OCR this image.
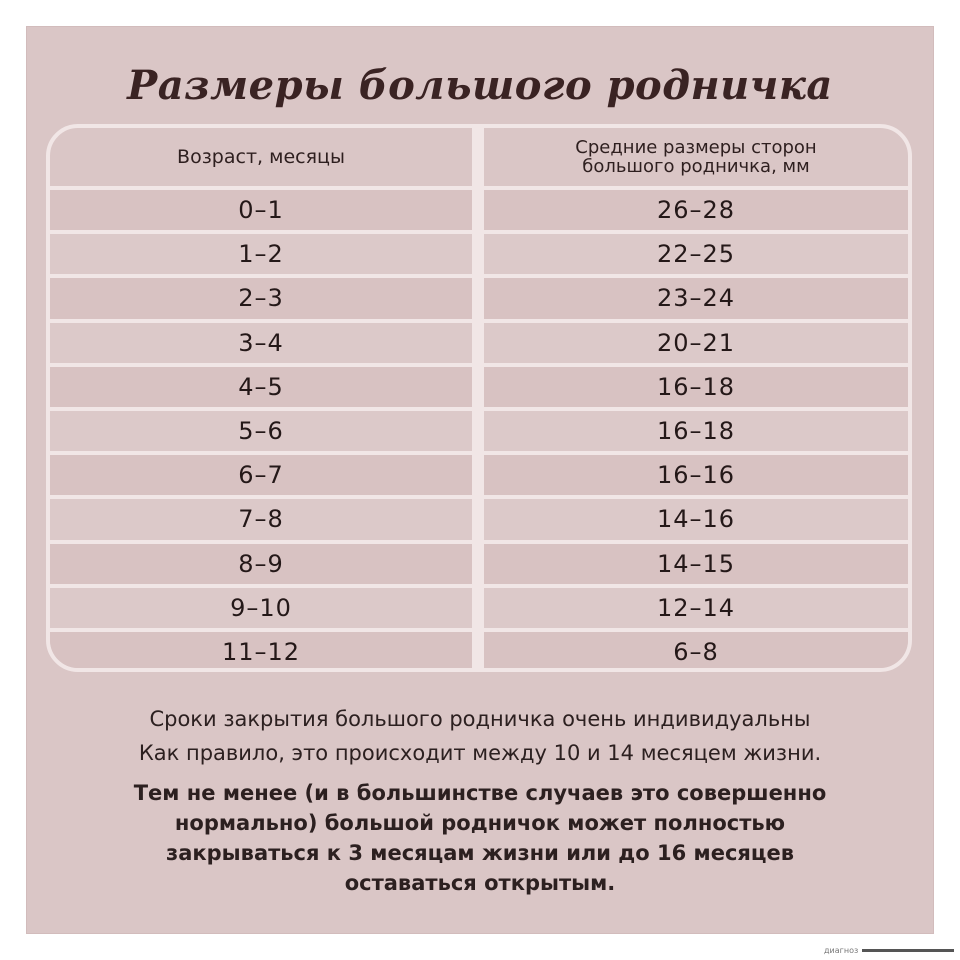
Размеры большого родничка
Возраст, месяцы
0–1
1–2
2–3
3–4
4–5
5–6
6–7
7–8
8–9
9–10
11–12
Средние размеры сторон
большого родничка, мм
26–28
22–25
23–24
20–21
16–18
16–18
16–16
14–16
14–15
12–14
6–8
Сроки закрытия большого родничка очень индивидуальны
Как правило, это происходит между 10 и 14 месяцем жизни.
Тем не менее (и в большинстве случаев это совершенно
нормально) большой родничок может полностью
закрываться к 3 месяцам жизни или до 16 месяцев
оставаться открытым.
диагноз
